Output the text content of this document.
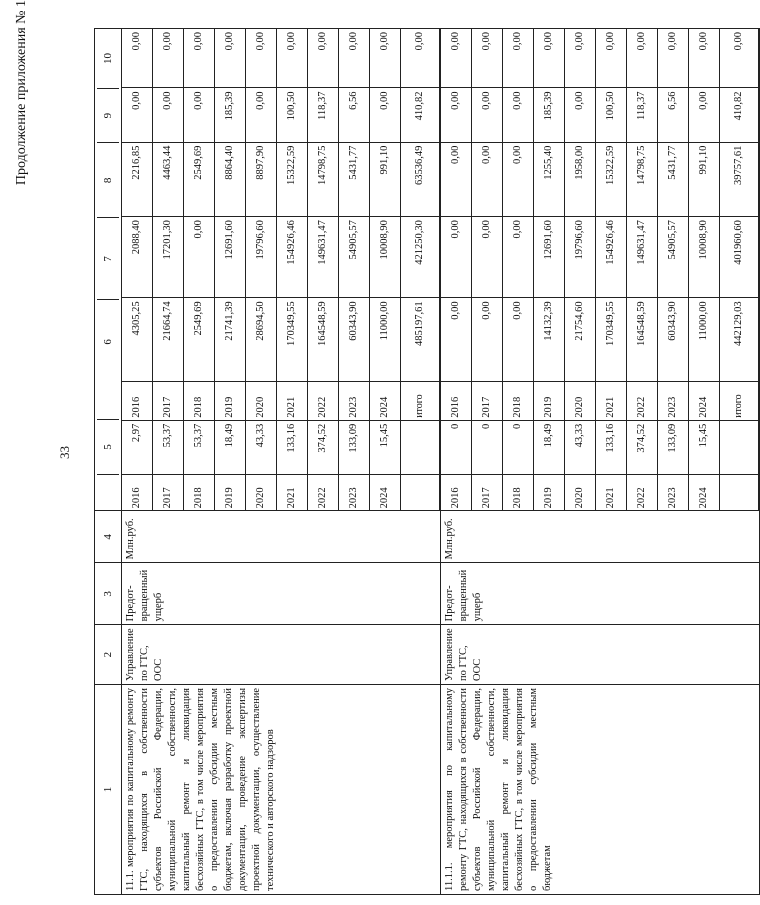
33
Продолжение приложения № 1
1	2	3	4	
	5		6	7	8	9	10

11.1. мероприятия по капитальному ремонту ГТС, находящихся в собственности субъектов Российской Федерации, муниципальной собственности, капитальный ремонт и ликвидация бесхозяйных ГТС, в том числе мероприятия о предоставлении субсидии местным бюджетам, включая разработку проектной документации, проведение экспертизы проектной документации, осуществление технического и авторского надзоров	Управление по ГТС, ООС	Предот-вращенный ущерб	Млн.руб.	
2016	2,97	2016	4305,25	2088,40	2216,85	0,00	0,00
2017	53,37	2017	21664,74	17201,30	4463,44	0,00	0,00
2018	53,37	2018	2549,69	0,00	2549,69	0,00	0,00
2019	18,49	2019	21741,39	12691,60	8864,40	185,39	0,00
2020	43,33	2020	28694,50	19796,60	8897,90	0,00	0,00
2021	133,16	2021	170349,55	154926,46	15322,59	100,50	0,00
2022	374,52	2022	164548,59	149631,47	14798,75	118,37	0,00
2023	133,09	2023	60343,90	54905,57	5431,77	6,56	0,00
2024	15,45	2024	11000,00	10008,90	991,10	0,00	0,00
		итого	485197,61	421250,30	63536,49	410,82	0,00

11.1.1. мероприятия по капитальному ремонту ГТС, находящихся в собственности субъектов Российской Федерации, муниципальной собственности, капитальный ремонт и ликвидация бесхозяйных ГТС, в том числе мероприятия о предоставлении субсидии местным бюджетам	Управление по ГТС, ООС	Предот-вращенный ущерб	Млн.руб.	
2016	0	2016	0,00	0,00	0,00	0,00	0,00
2017	0	2017	0,00	0,00	0,00	0,00	0,00
2018	0	2018	0,00	0,00	0,00	0,00	0,00
2019	18,49	2019	14132,39	12691,60	1255,40	185,39	0,00
2020	43,33	2020	21754,60	19796,60	1958,00	0,00	0,00
2021	133,16	2021	170349,55	154926,46	15322,59	100,50	0,00
2022	374,52	2022	164548,59	149631,47	14798,75	118,37	0,00
2023	133,09	2023	60343,90	54905,57	5431,77	6,56	0,00
2024	15,45	2024	11000,00	10008,90	991,10	0,00	0,00
		итого	442129,03	401960,60	39757,61	410,82	0,00
